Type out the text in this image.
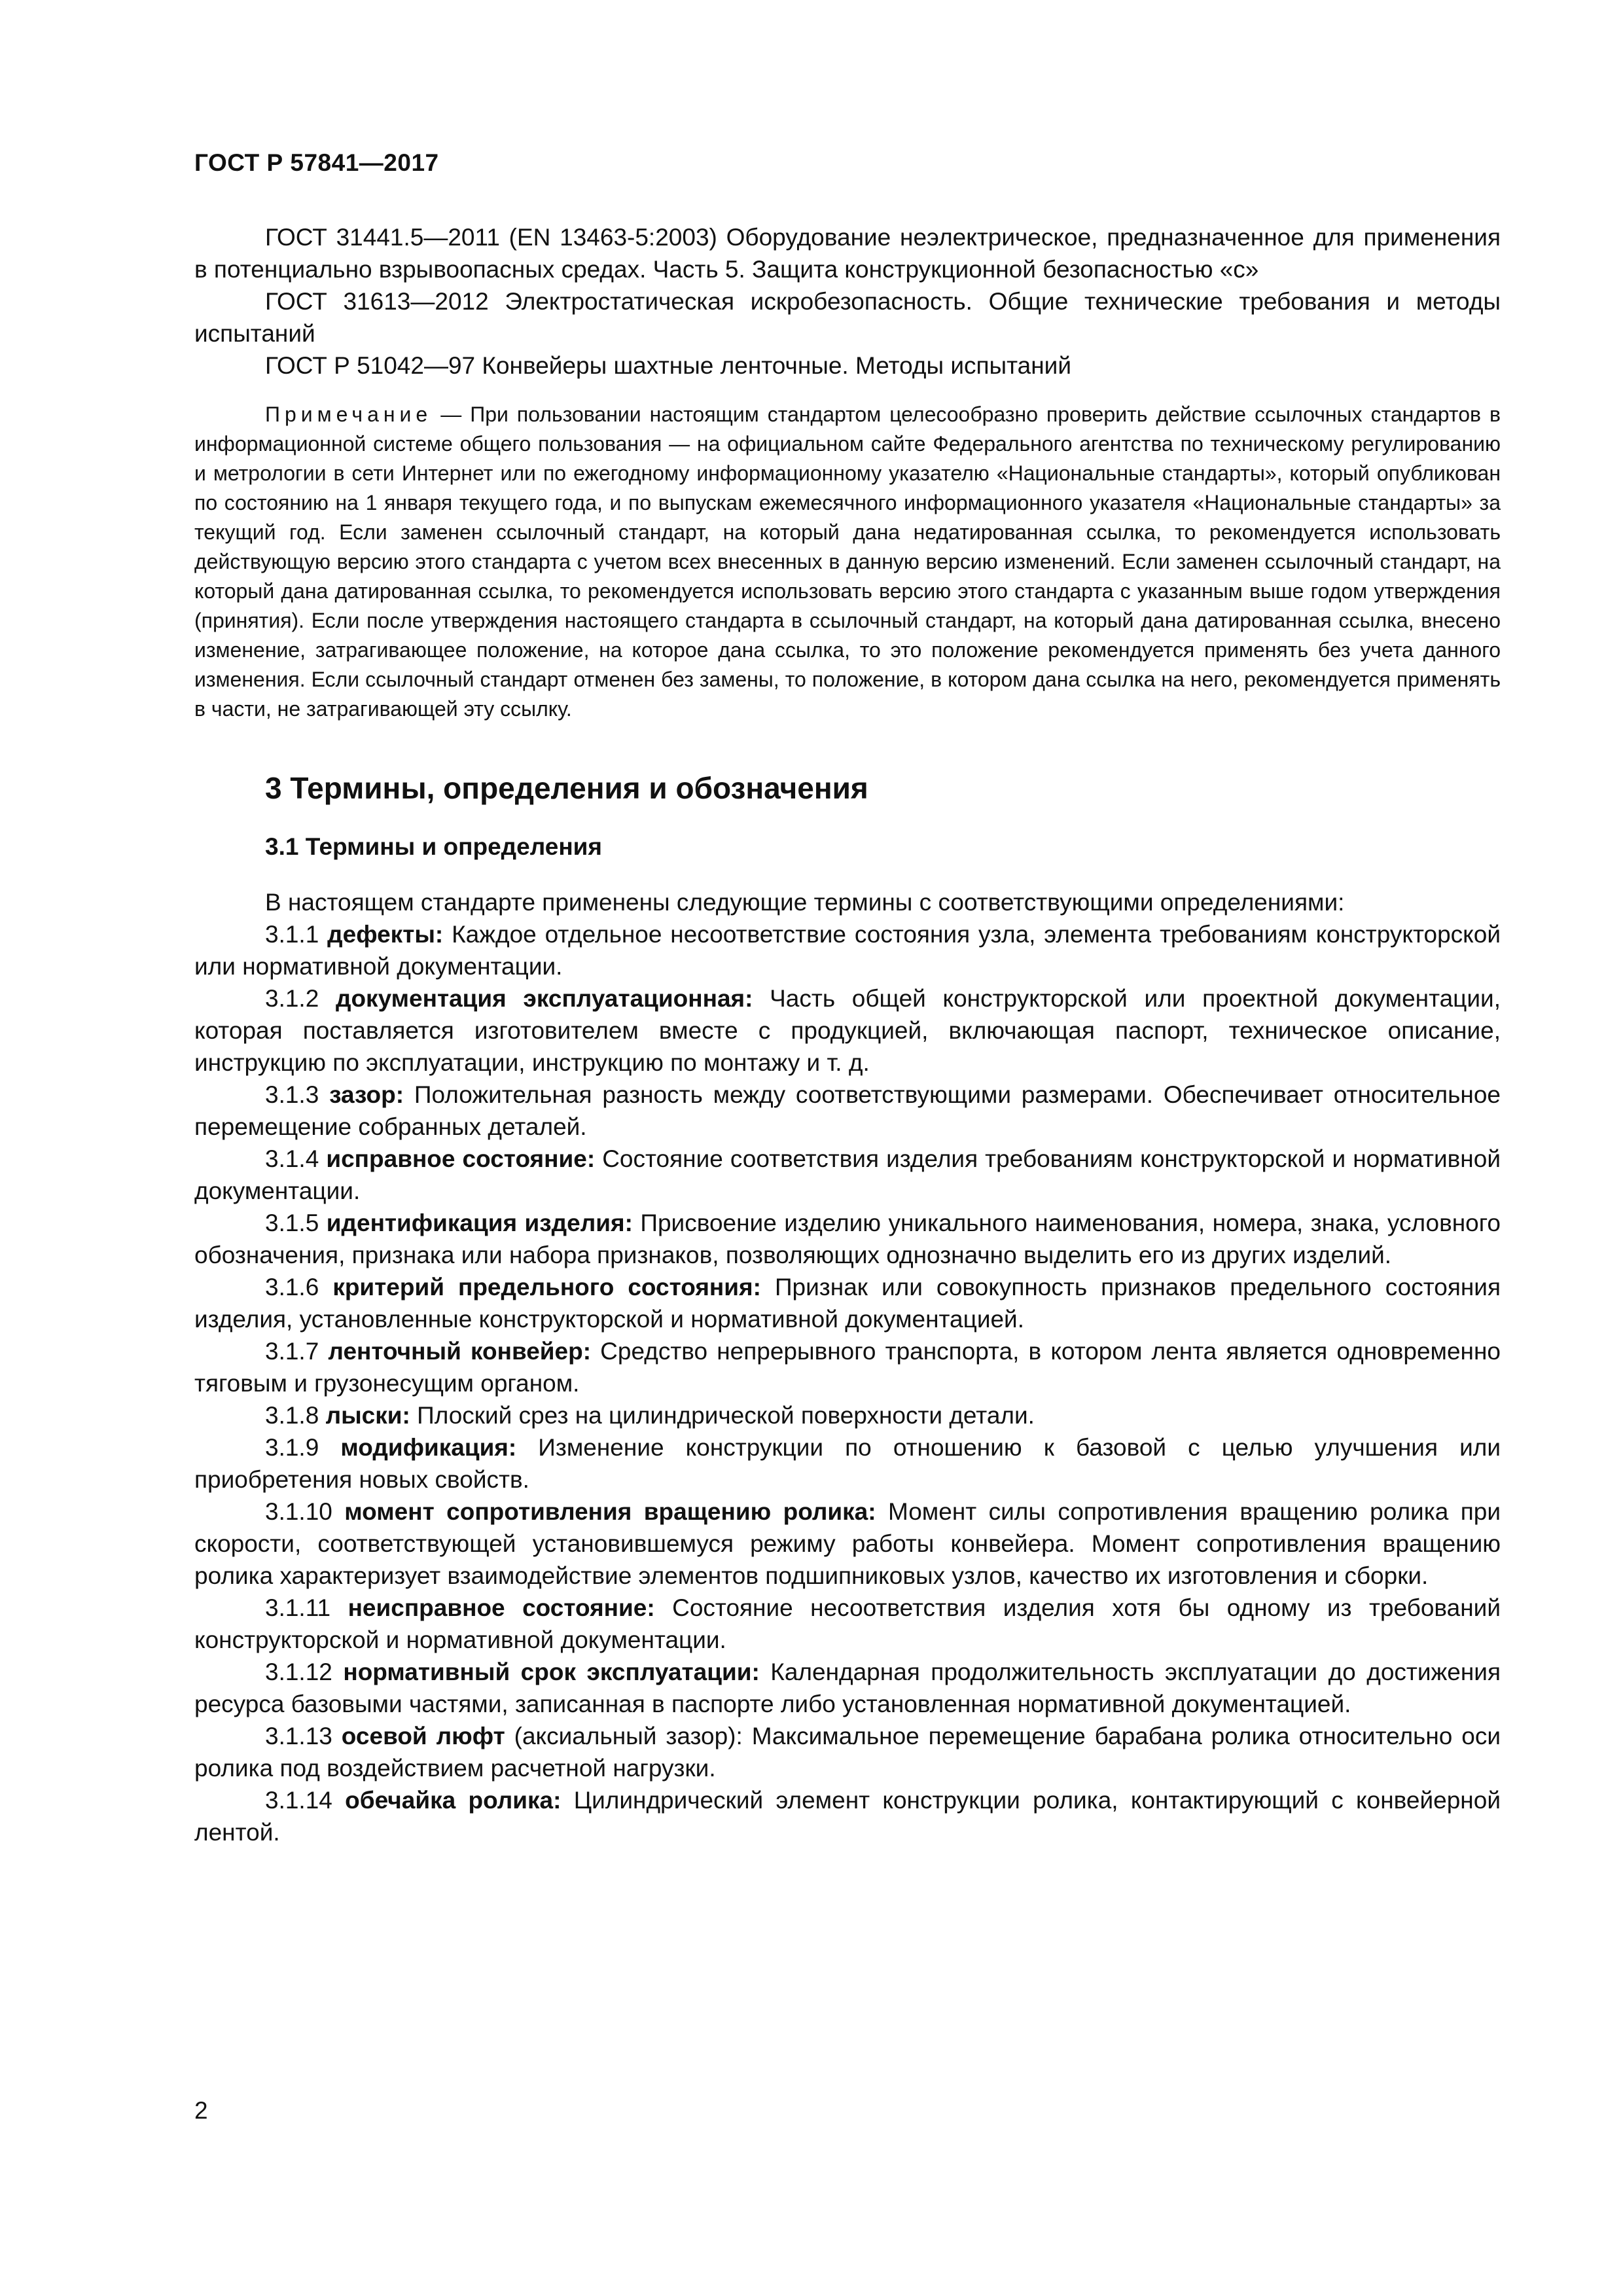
ГОСТ Р 57841—2017

ГОСТ 31441.5—2011 (EN 13463-5:2003) Оборудование неэлектрическое, предназначенное для применения в потенциально взрывоопасных средах. Часть 5. Защита конструкционной безопасностью «с»

ГОСТ 31613—2012 Электростатическая искробезопасность. Общие технические требования и методы испытаний

ГОСТ Р 51042—97 Конвейеры шахтные ленточные. Методы испытаний

Примечание — При пользовании настоящим стандартом целесообразно проверить действие ссылочных стандартов в информационной системе общего пользования — на официальном сайте Федерального агентства по техническому регулированию и метрологии в сети Интернет или по ежегодному информационному указателю «Национальные стандарты», который опубликован по состоянию на 1 января текущего года, и по выпускам ежемесячного информационного указателя «Национальные стандарты» за текущий год. Если заменен ссылочный стандарт, на который дана недатированная ссылка, то рекомендуется использовать действующую версию этого стандарта с учетом всех внесенных в данную версию изменений. Если заменен ссылочный стандарт, на который дана датированная ссылка, то рекомендуется использовать версию этого стандарта с указанным выше годом утверждения (принятия). Если после утверждения настоящего стандарта в ссылочный стандарт, на который дана датированная ссылка, внесено изменение, затрагивающее положение, на которое дана ссылка, то это положение рекомендуется применять без учета данного изменения. Если ссылочный стандарт отменен без замены, то положение, в котором дана ссылка на него, рекомендуется применять в части, не затрагивающей эту ссылку.

3 Термины, определения и обозначения
3.1 Термины и определения

В настоящем стандарте применены следующие термины с соответствующими определениями:

3.1.1 дефекты: Каждое отдельное несоответствие состояния узла, элемента требованиям конструкторской или нормативной документации.

3.1.2 документация эксплуатационная: Часть общей конструкторской или проектной документации, которая поставляется изготовителем вместе с продукцией, включающая паспорт, техническое описание, инструкцию по эксплуатации, инструкцию по монтажу и т. д.

3.1.3 зазор: Положительная разность между соответствующими размерами. Обеспечивает относительное перемещение собранных деталей.

3.1.4 исправное состояние: Состояние соответствия изделия требованиям конструкторской и нормативной документации.

3.1.5 идентификация изделия: Присвоение изделию уникального наименования, номера, знака, условного обозначения, признака или набора признаков, позволяющих однозначно выделить его из других изделий.

3.1.6 критерий предельного состояния: Признак или совокупность признаков предельного состояния изделия, установленные конструкторской и нормативной документацией.

3.1.7 ленточный конвейер: Средство непрерывного транспорта, в котором лента является одновременно тяговым и грузонесущим органом.

3.1.8 лыски: Плоский срез на цилиндрической поверхности детали.

3.1.9 модификация: Изменение конструкции по отношению к базовой с целью улучшения или приобретения новых свойств.

3.1.10 момент сопротивления вращению ролика: Момент силы сопротивления вращению ролика при скорости, соответствующей установившемуся режиму работы конвейера. Момент сопротивления вращению ролика характеризует взаимодействие элементов подшипниковых узлов, качество их изготовления и сборки.

3.1.11 неисправное состояние: Состояние несоответствия изделия хотя бы одному из требований конструкторской и нормативной документации.

3.1.12 нормативный срок эксплуатации: Календарная продолжительность эксплуатации до достижения ресурса базовыми частями, записанная в паспорте либо установленная нормативной документацией.

3.1.13 осевой люфт (аксиальный зазор): Максимальное перемещение барабана ролика относительно оси ролика под воздействием расчетной нагрузки.

3.1.14 обечайка ролика: Цилиндрический элемент конструкции ролика, контактирующий с конвейерной лентой.

2
